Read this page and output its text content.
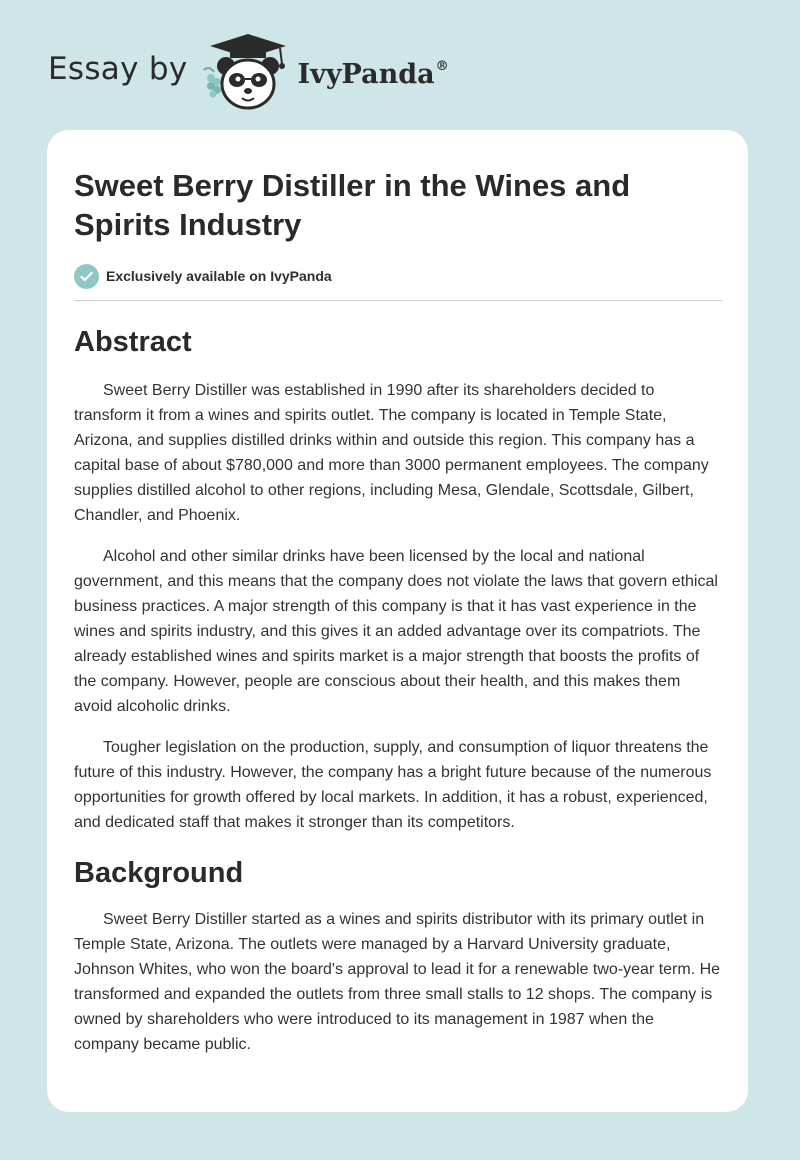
Essay by	IvyPanda®
Sweet Berry Distiller in the Wines and Spirits Industry
Exclusively available on IvyPanda
Abstract

Sweet Berry Distiller was established in 1990 after its shareholders decided to transform it from a wines and spirits outlet. The company is located in Temple State, Arizona, and supplies distilled drinks within and outside this region. This company has a capital base of about $780,000 and more than 3000 permanent employees. The company supplies distilled alcohol to other regions, including Mesa, Glendale, Scottsdale, Gilbert, Chandler, and Phoenix.

Alcohol and other similar drinks have been licensed by the local and national government, and this means that the company does not violate the laws that govern ethical business practices. A major strength of this company is that it has vast experience in the wines and spirits industry, and this gives it an added advantage over its compatriots. The already established wines and spirits market is a major strength that boosts the profits of the company. However, people are conscious about their health, and this makes them avoid alcoholic drinks.

Tougher legislation on the production, supply, and consumption of liquor threatens the future of this industry. However, the company has a bright future because of the numerous opportunities for growth offered by local markets. In addition, it has a robust, experienced, and dedicated staff that makes it stronger than its competitors.

Background

Sweet Berry Distiller started as a wines and spirits distributor with its primary outlet in Temple State, Arizona. The outlets were managed by a Harvard University graduate, Johnson Whites, who won the board's approval to lead it for a renewable two-year term. He transformed and expanded the outlets from three small stalls to 12 shops. The company is owned by shareholders who were introduced to its management in 1987 when the company became public.
